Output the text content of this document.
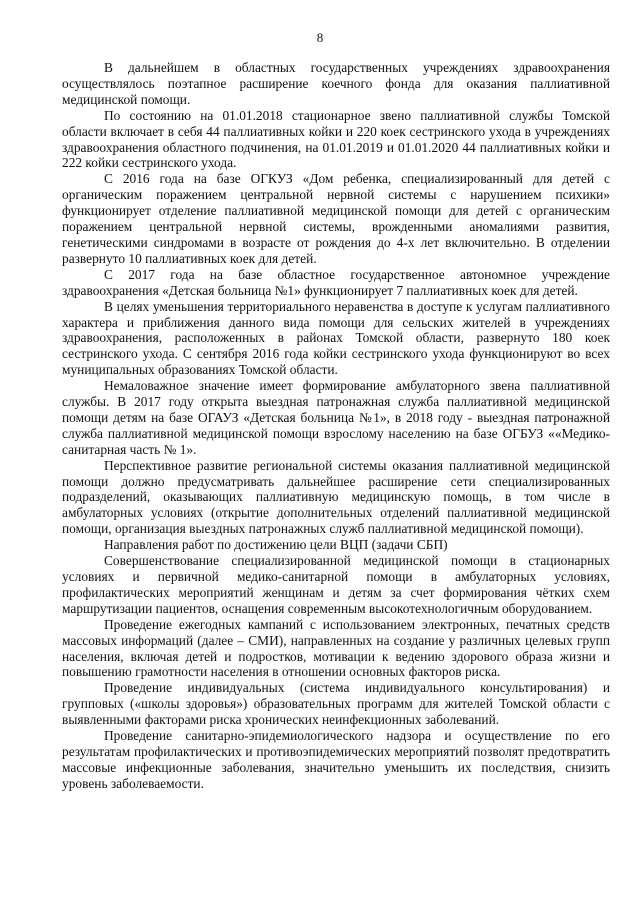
8

В дальнейшем в областных государственных учреждениях здравоохранения осуществлялось поэтапное расширение коечного фонда для оказания паллиативной медицинской помощи.

По состоянию на 01.01.2018 стационарное звено паллиативной службы Томской области включает в себя 44 паллиативных койки и 220 коек сестринского ухода в учреждениях здравоохранения областного подчинения, на 01.01.2019 и 01.01.2020 44 паллиативных койки и 222 койки сестринского ухода.

С 2016 года на базе ОГКУЗ «Дом ребенка, специализированный для детей с органическим поражением центральной нервной системы с нарушением психики» функционирует отделение паллиативной медицинской помощи для детей с органическим поражением центральной нервной системы, врожденными аномалиями развития, генетическими синдромами в возрасте от рождения до 4-х лет включительно. В отделении развернуто 10 паллиативных коек для детей.

С 2017 года на базе областное государственное автономное учреждение здравоохранения «Детская больница №1» функционирует 7 паллиативных коек для детей.

В целях уменьшения территориального неравенства в доступе к услугам паллиативного характера и приближения данного вида помощи для сельских жителей в учреждениях здравоохранения, расположенных в районах Томской области, развернуто 180 коек сестринского ухода. С сентября 2016 года койки сестринского ухода функционируют во всех муниципальных образованиях Томской области.

Немаловажное значение имеет формирование амбулаторного звена паллиативной службы. В 2017 году открыта выездная патронажная служба паллиативной медицинской помощи детям на базе ОГАУЗ «Детская больница №1», в 2018 году - выездная патронажной служба паллиативной медицинской помощи взрослому населению на базе ОГБУЗ ««Медико-санитарная часть № 1».

Перспективное развитие региональной системы оказания паллиативной медицинской помощи должно предусматривать дальнейшее расширение сети специализированных подразделений, оказывающих паллиативную медицинскую помощь, в том числе в амбулаторных условиях (открытие дополнительных отделений паллиативной медицинской помощи, организация выездных патронажных служб паллиативной медицинской помощи).

Направления работ по достижению цели ВЦП (задачи СБП)

Совершенствование специализированной медицинской помощи в стационарных условиях и первичной медико-санитарной помощи в амбулаторных условиях, профилактических мероприятий женщинам и детям за счет формирования чётких схем маршрутизации пациентов, оснащения современным высокотехнологичным оборудованием.

Проведение ежегодных кампаний с использованием электронных, печатных средств массовых информаций (далее – СМИ), направленных на создание у различных целевых групп населения, включая детей и подростков, мотивации к ведению здорового образа жизни и повышению грамотности населения в отношении основных факторов риска.

Проведение индивидуальных (система индивидуального консультирования) и групповых («школы здоровья») образовательных программ для жителей Томской области с выявленными факторами риска хронических неинфекционных заболеваний.

Проведение санитарно-эпидемиологического надзора и осуществление по его результатам профилактических и противоэпидемических мероприятий позволят предотвратить массовые инфекционные заболевания, значительно уменьшить их последствия, снизить уровень заболеваемости.
